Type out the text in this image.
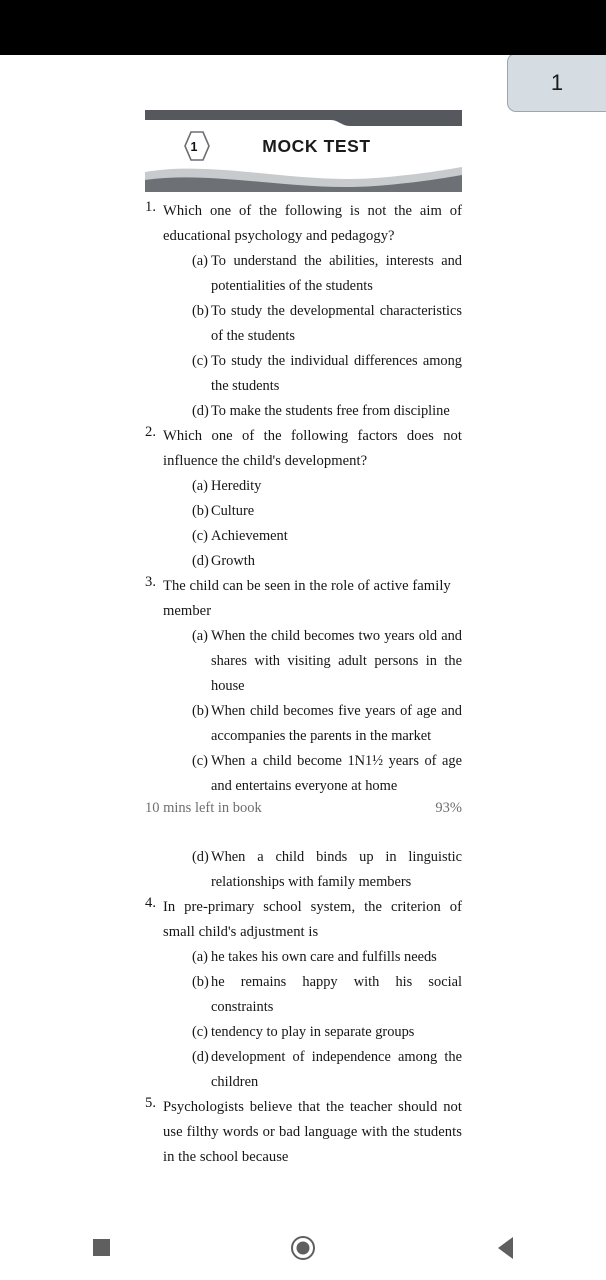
1
1	MOCK TEST
1. Which one of the following is not the aim of educational psychology and pedagogy?
(a) To understand the abilities, interests and potentialities of the students
(b) To study the developmental characteristics of the students
(c) To study the individual differences among the students
(d) To make the students free from discipline
2. Which one of the following factors does not influence the child's development?
(a) Heredity
(b) Culture
(c) Achievement
(d) Growth
3. The child can be seen in the role of active family member
(a) When the child becomes two years old and shares with visiting adult persons in the house
(b) When child becomes five years of age and accompanies the parents in the market
(c) When a child become 1N1½ years of age and entertains everyone at home
10 mins left in book	93%
(d) When a child binds up in linguistic relationships with family members
4. In pre-primary school system, the criterion of small child's adjustment is
(a) he takes his own care and fulfills needs
(b) he remains happy with his social constraints
(c) tendency to play in separate groups
(d) development of independence among the children
5. Psychologists believe that the teacher should not use filthy words or bad language with the students in the school because
